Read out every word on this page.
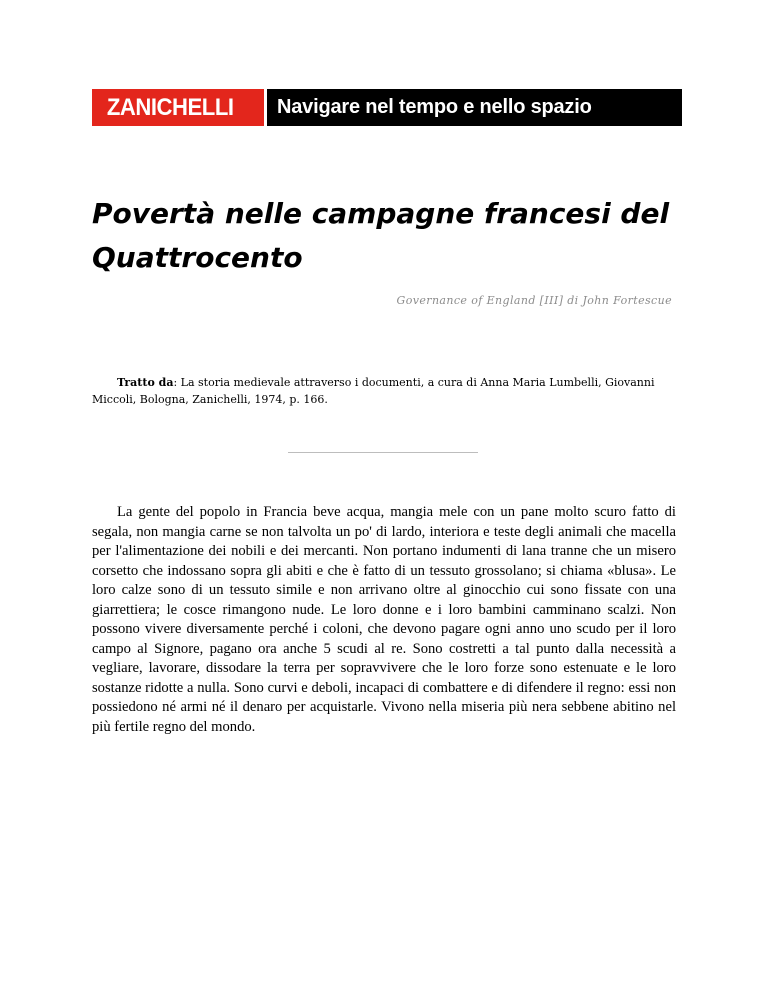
ZANICHELLI	Navigare nel tempo e nello spazio
Povertà nelle campagne francesi del Quattrocento
Governance of England [III] di John Fortescue
Tratto da: La storia medievale attraverso i documenti, a cura di Anna Maria Lumbelli, Giovanni Miccoli, Bologna, Zanichelli, 1974, p. 166.

La gente del popolo in Francia beve acqua, mangia mele con un pane molto scuro fatto di segala, non mangia carne se non talvolta un po' di lardo, interiora e teste degli animali che macella per l'alimentazione dei nobili e dei mercanti. Non portano indumenti di lana tranne che un misero corsetto che indossano sopra gli abiti e che è fatto di un tessuto grossolano; si chiama «blusa». Le loro calze sono di un tessuto simile e non arrivano oltre al ginocchio cui sono fissate con una giarrettiera; le cosce rimangono nude. Le loro donne e i loro bambini camminano scalzi. Non possono vivere diversamente perché i coloni, che devono pagare ogni anno uno scudo per il loro campo al Signore, pagano ora anche 5 scudi al re. Sono costretti a tal punto dalla necessità a vegliare, lavorare, dissodare la terra per sopravvivere che le loro forze sono estenuate e le loro sostanze ridotte a nulla. Sono curvi e deboli, incapaci di combattere e di difendere il regno: essi non possiedono né armi né il denaro per acquistarle. Vivono nella miseria più nera sebbene abitino nel più fertile regno del mondo.
